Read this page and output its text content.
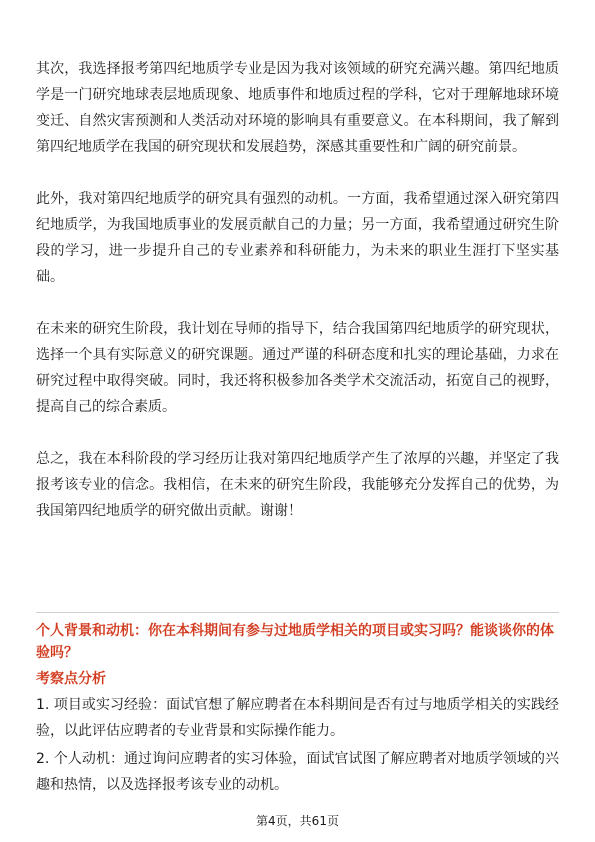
其次，我选择报考第四纪地质学专业是因为我对该领域的研究充满兴趣。第四纪地质学是一门研究地球表层地质现象、地质事件和地质过程的学科，它对于理解地球环境变迁、自然灾害预测和人类活动对环境的影响具有重要意义。在本科期间，我了解到第四纪地质学在我国的研究现状和发展趋势，深感其重要性和广阔的研究前景。

此外，我对第四纪地质学的研究具有强烈的动机。一方面，我希望通过深入研究第四纪地质学，为我国地质事业的发展贡献自己的力量；另一方面，我希望通过研究生阶段的学习，进一步提升自己的专业素养和科研能力，为未来的职业生涯打下坚实基础。

在未来的研究生阶段，我计划在导师的指导下，结合我国第四纪地质学的研究现状，选择一个具有实际意义的研究课题。通过严谨的科研态度和扎实的理论基础，力求在研究过程中取得突破。同时，我还将积极参加各类学术交流活动，拓宽自己的视野，提高自己的综合素质。

总之，我在本科阶段的学习经历让我对第四纪地质学产生了浓厚的兴趣，并坚定了我报考该专业的信念。我相信，在未来的研究生阶段，我能够充分发挥自己的优势，为我国第四纪地质学的研究做出贡献。谢谢！

个人背景和动机：你在本科期间有参与过地质学相关的项目或实习吗？能谈谈你的体验吗？

考察点分析

1. 项目或实习经验：面试官想了解应聘者在本科期间是否有过与地质学相关的实践经验，以此评估应聘者的专业背景和实际操作能力。

2. 个人动机：通过询问应聘者的实习体验，面试官试图了解应聘者对地质学领域的兴趣和热情，以及选择报考该专业的动机。

第4页，共61页
